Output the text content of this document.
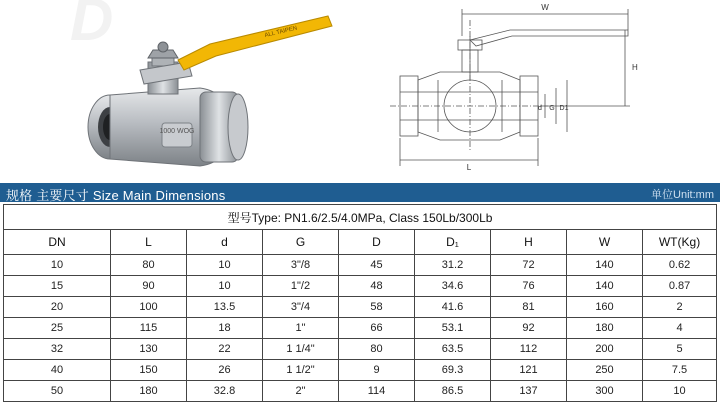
D
1000 WOG
ALL TAIPEN
W
H
L
d G D1
规格 主要尺寸 Size Main Dimensions	单位Unit:mm
型号Type: PN1.6/2.5/4.0MPa, Class 150Lb/300Lb								
DN	L	d	G	D	D₁	H	W	WT(Kg)
10	80	10	3"/8	45	31.2	72	140	0.62
15	90	10	1"/2	48	34.6	76	140	0.87
20	100	13.5	3"/4	58	41.6	81	160	2
25	115	18	1"	66	53.1	92	180	4
32	130	22	1 1/4"	80	63.5	112	200	5
40	150	26	1 1/2"	9	69.3	121	250	7.5
50	180	32.8	2"	114	86.5	137	300	10
